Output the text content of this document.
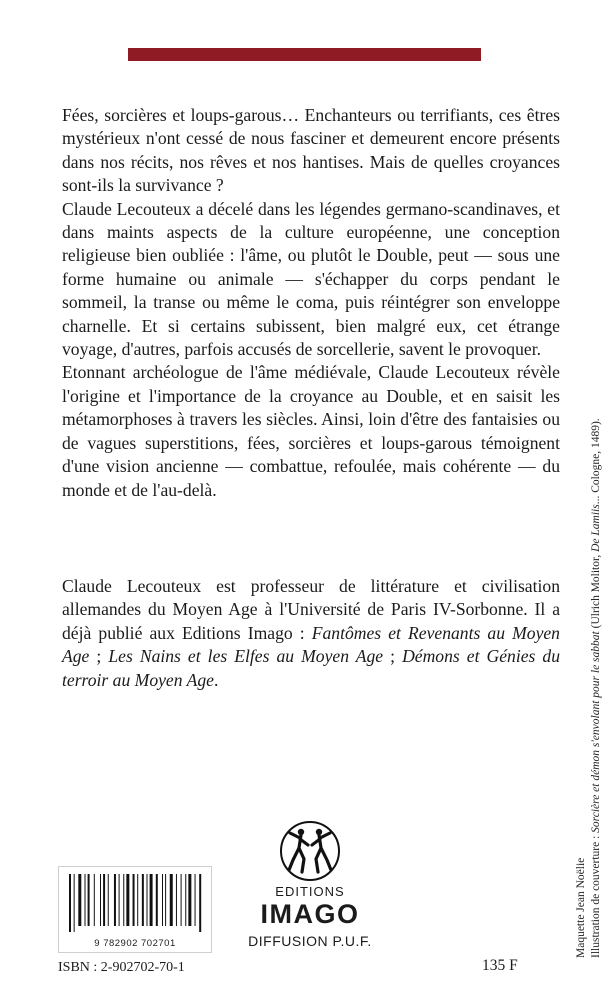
Fées, sorcières et loups-garous… Enchanteurs ou terrifiants, ces êtres mystérieux n'ont cessé de nous fasciner et demeurent encore présents dans nos récits, nos rêves et nos hantises. Mais de quelles croyances sont-ils la survivance ?

Claude Lecouteux a décelé dans les légendes germano-scandinaves, et dans maints aspects de la culture européenne, une conception religieuse bien oubliée : l'âme, ou plutôt le Double, peut — sous une forme humaine ou animale — s'échapper du corps pendant le sommeil, la transe ou même le coma, puis réintégrer son enveloppe charnelle. Et si certains subissent, bien malgré eux, cet étrange voyage, d'autres, parfois accusés de sorcellerie, savent le provoquer.

Etonnant archéologue de l'âme médiévale, Claude Lecouteux révèle l'origine et l'importance de la croyance au Double, et en saisit les métamorphoses à travers les siècles. Ainsi, loin d'être des fantaisies ou de vagues superstitions, fées, sorcières et loups-garous témoignent d'une vision ancienne — combattue, refoulée, mais cohérente — du monde et de l'au-delà.

Claude Lecouteux est professeur de littérature et civilisation allemandes du Moyen Age à l'Université de Paris IV-Sorbonne. Il a déjà publié aux Editions Imago : Fantômes et Revenants au Moyen Age ; Les Nains et les Elfes au Moyen Age ; Démons et Génies du terroir au Moyen Age.

Maquette Jean Noëlie Illustration de couverture : Sorcière et démon s'envolant pour le sabbat (Ulrich Molitor, De Lamiis... Cologne, 1489).
EDITIONS
IMAGO
DIFFUSION P.U.F.
9 782902 702701
ISBN : 2-902702-70-1	135 F
